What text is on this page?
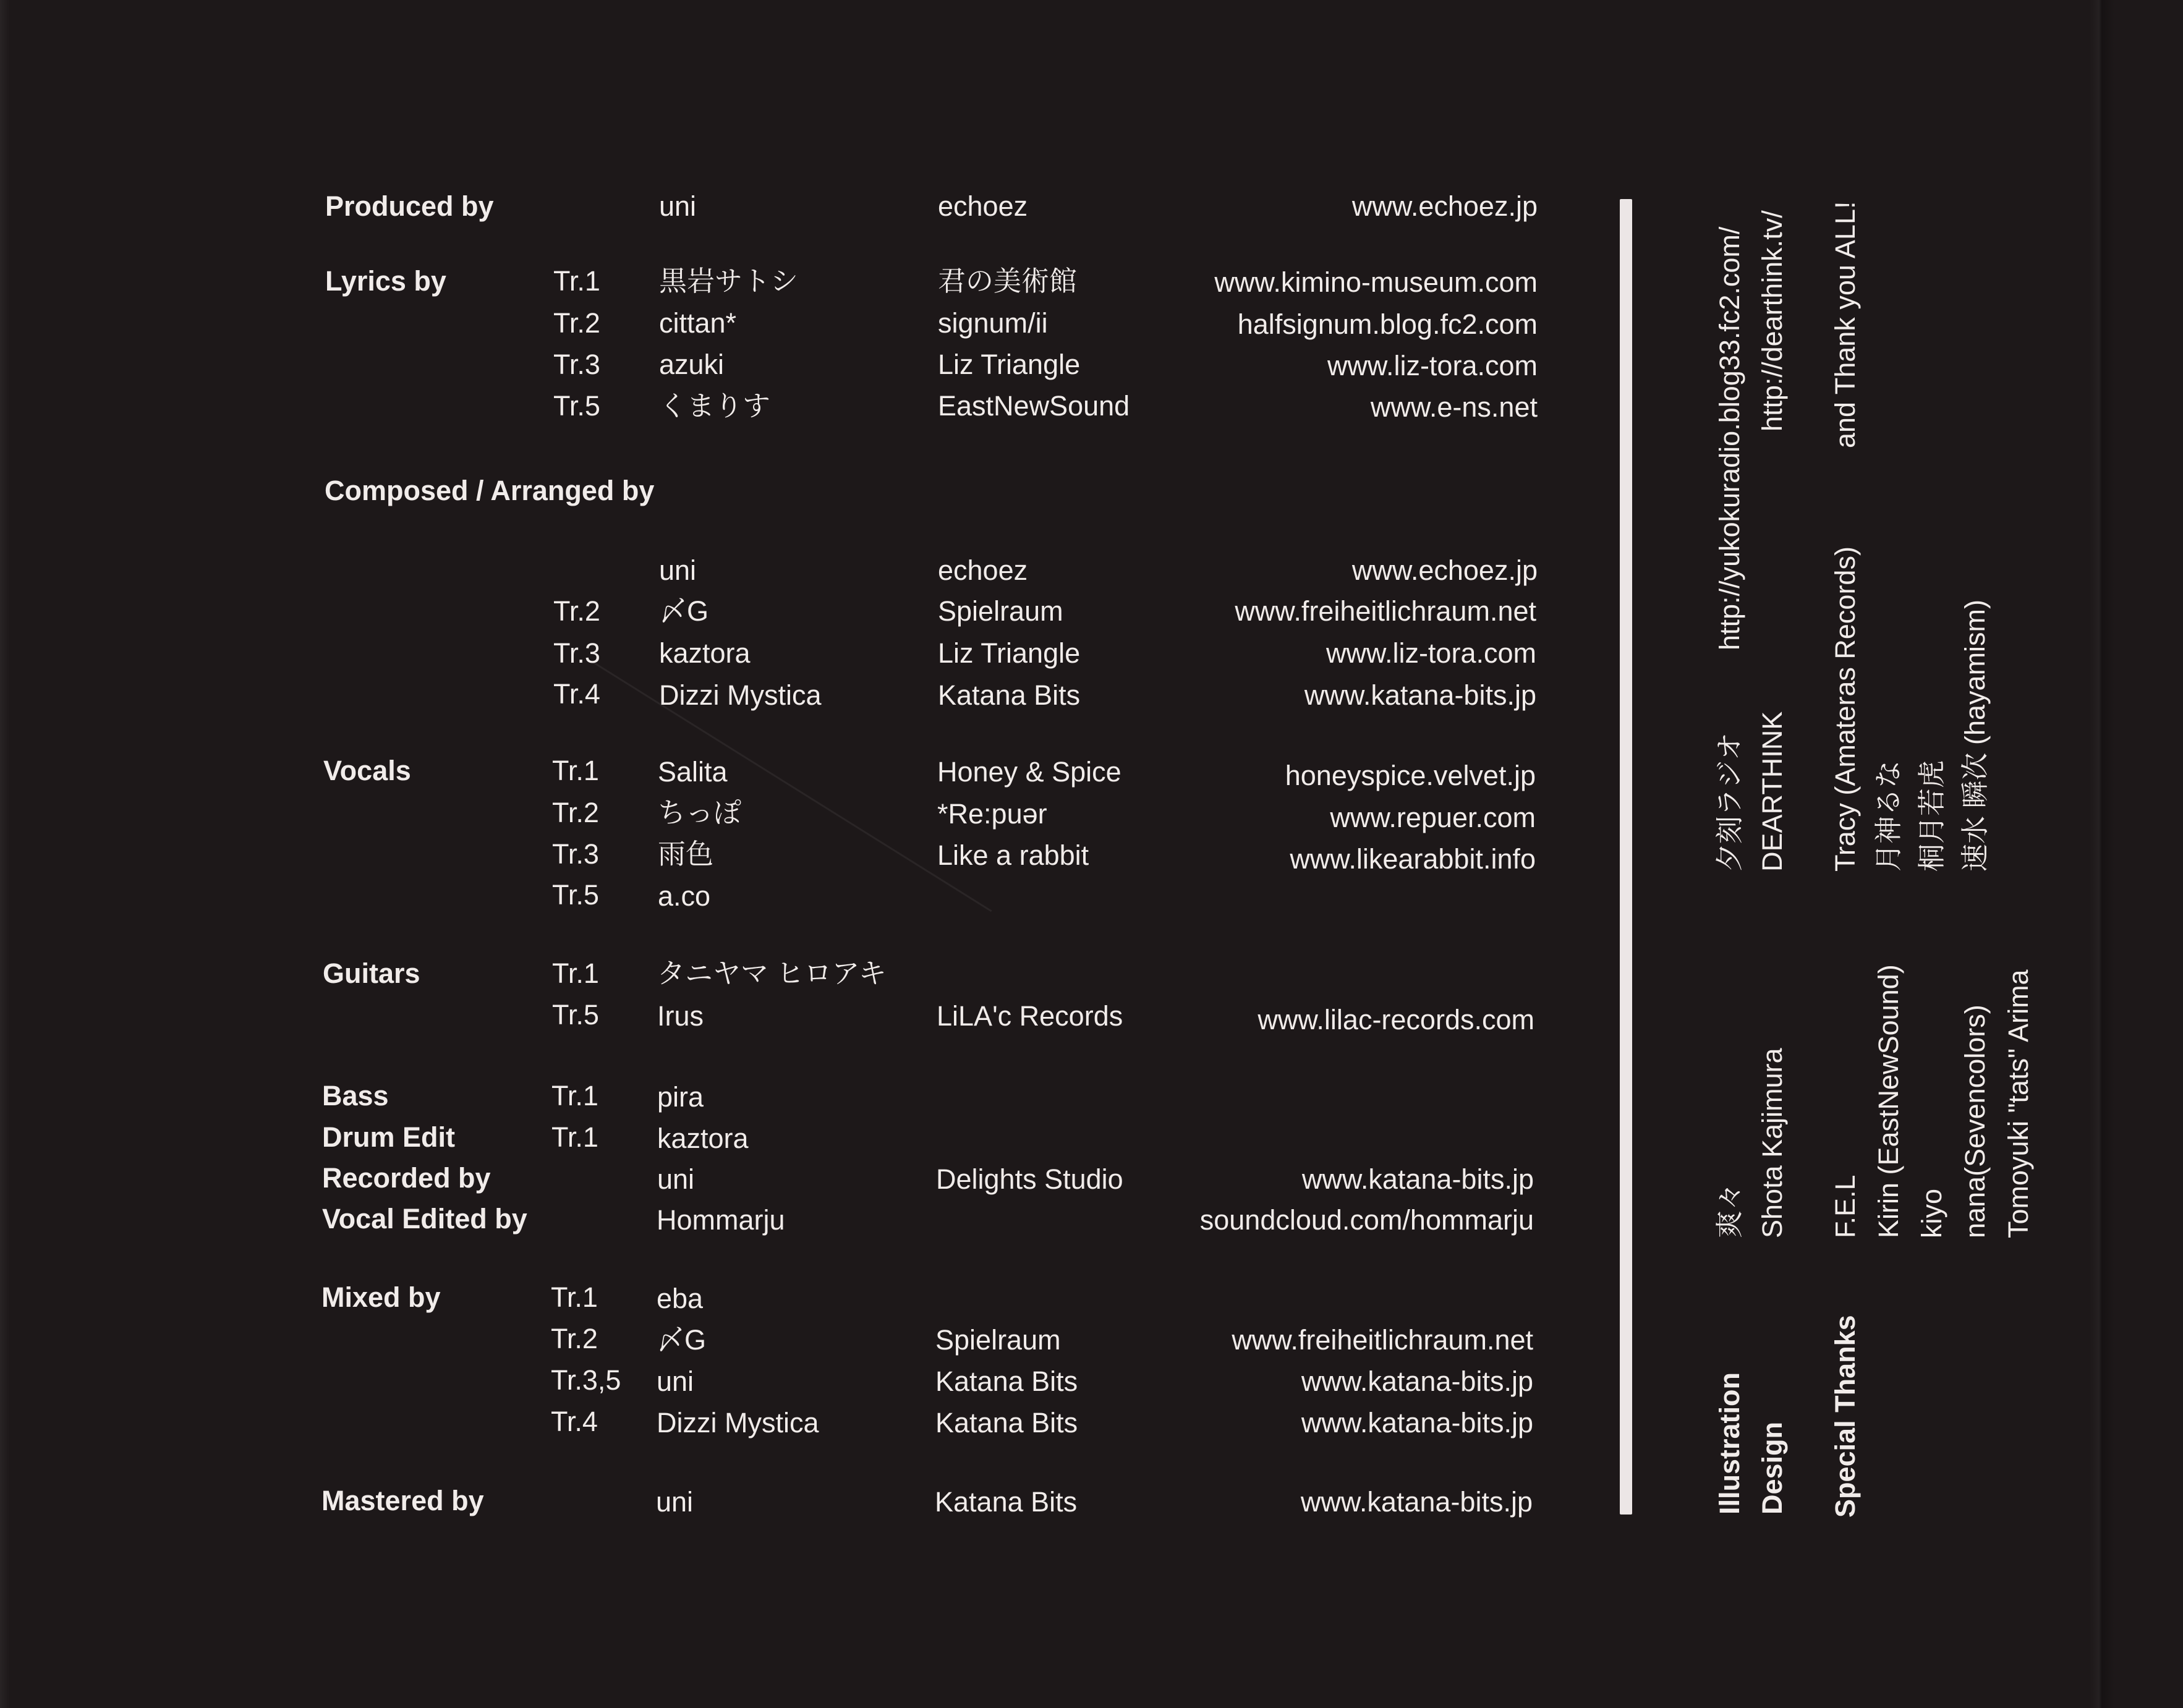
Produced by	uni	echoez	www.echoez.jp
Lyrics by	Tr.1 黒岩サトシ	君の美術館	www.kimino-museum.com
Tr.2 cittan*	signum/ii	halfsignum.blog.fc2.com
Tr.3 azuki	Liz Triangle	www.liz-tora.com
Tr.5 くまりす	EastNewSound	www.e-ns.net
Composed / Arranged by
uni	echoez	www.echoez.jp
Tr.2 〆G	Spielraum	www.freiheitlichraum.net
Tr.3 kaztora	Liz Triangle	www.liz-tora.com
Tr.4 Dizzi Mystica	Katana Bits	www.katana-bits.jp
Vocals	Tr.1 Salita	Honey & Spice	honeyspice.velvet.jp
Tr.2 ちっぽ	*Re:puər	www.repuer.com
Tr.3 雨色	Like a rabbit	www.likearabbit.info
Tr.5 a.co
Guitars	Tr.1 タニヤマ ヒロアキ
Tr.5 Irus	LiLA'c Records	www.lilac-records.com
Bass	Tr.1 pira
Drum Edit	Tr.1 kaztora
Recorded by	uni	Delights Studio	www.katana-bits.jp
Vocal Edited by	Hommarju	soundcloud.com/hommarju
Mixed by	Tr.1 eba
Tr.2 〆G	Spielraum	www.freiheitlichraum.net
Tr.3,5 uni	Katana Bits	www.katana-bits.jp
Tr.4 Dizzi Mystica	Katana Bits	www.katana-bits.jp
Mastered by	uni	Katana Bits	www.katana-bits.jp	Illustration
爽々
夕刻ラジオ
http://yukokuradio.blog33.fc2.com/
Design
Shota Kajimura
DEARTHINK
http://dearthink.tv/
Special Thanks
F.E.L Kirin (EastNewSound) kiyo nana(Sevencolors) Tomoyuki "tats" Arima
Tracy (Amateras Records) 月神るな 桐月若虎 速水 瞬次 (hayamism)
and Thank you ALL!
